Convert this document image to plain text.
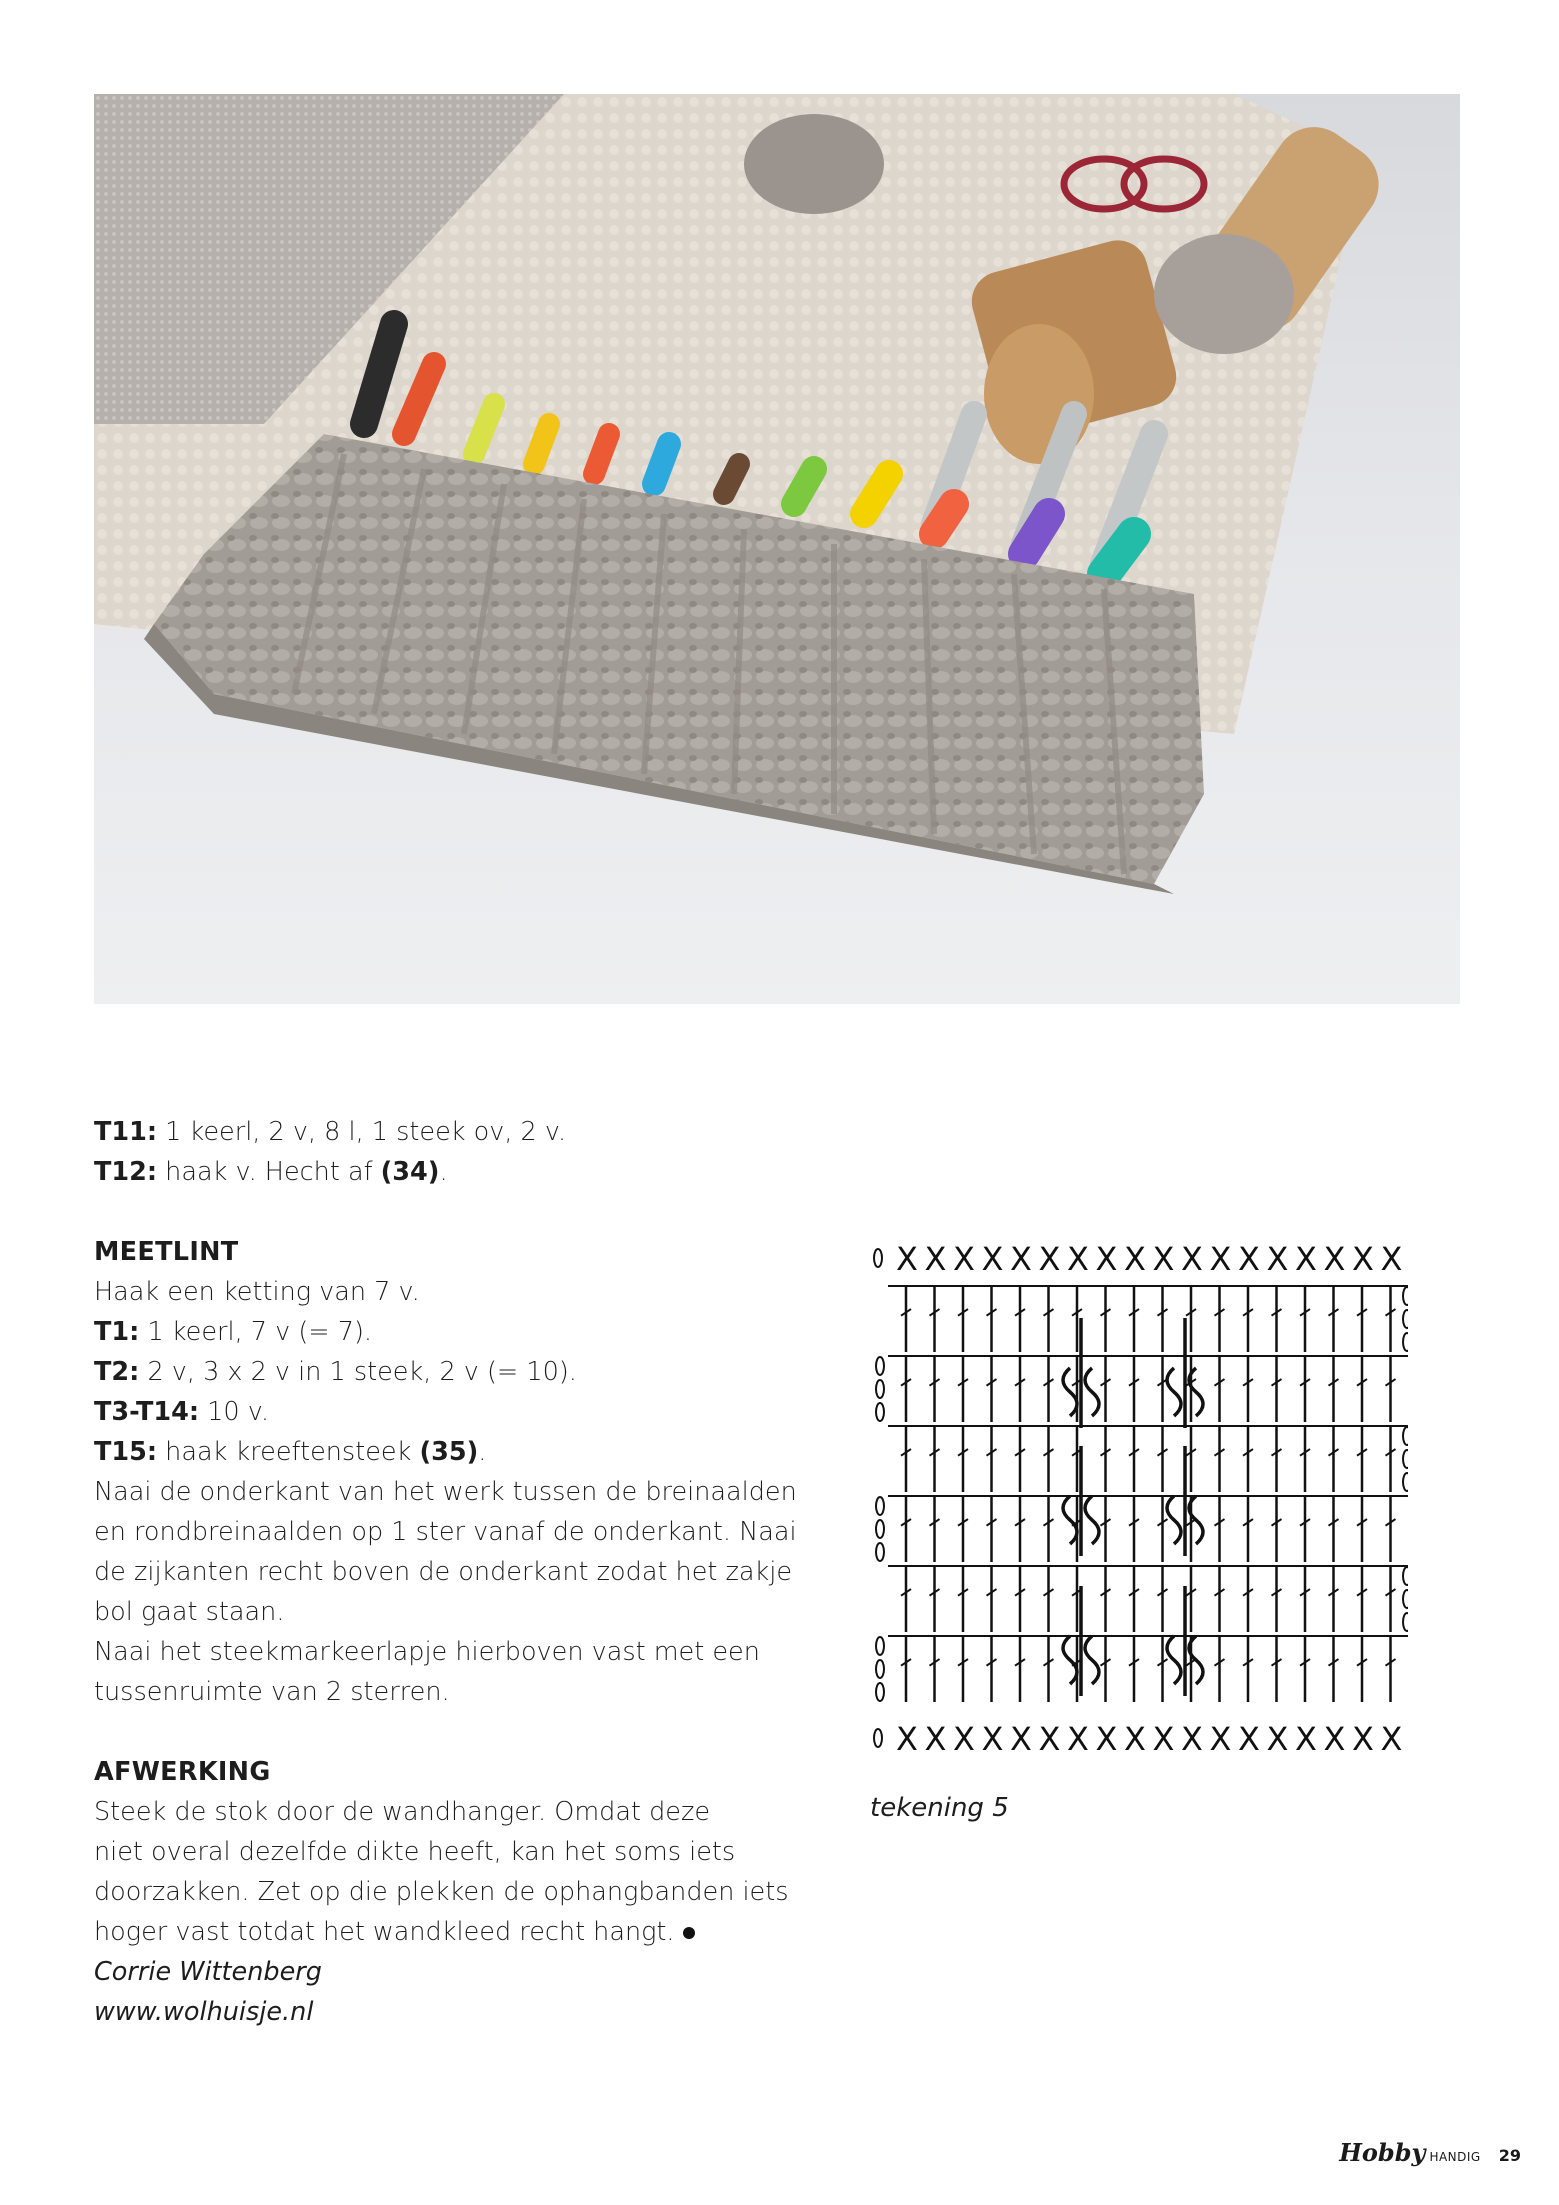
T11: 1 keerl, 2 v, 8 l, 1 steek ov, 2 v.

T12: haak v. Hecht af (34).

MEETLINT

Haak een ketting van 7 v.

T1: 1 keerl, 7 v (= 7).

T2: 2 v, 3 x 2 v in 1 steek, 2 v (= 10).

T3-T14: 10 v.

T15: haak kreeftensteek (35).

Naai de onderkant van het werk tussen de breinaalden

en rondbreinaalden op 1 ster vanaf de onderkant. Naai

de zijkanten recht boven de onderkant zodat het zakje

bol gaat staan.

Naai het steekmarkeerlapje hierboven vast met een

tussenruimte van 2 sterren.

AFWERKING

Steek de stok door de wandhanger. Omdat deze

niet overal dezelfde dikte heeft, kan het soms iets

doorzakken. Zet op die plekken de ophangbanden iets

hoger vast totdat het wandkleed recht hangt.

Corrie Wittenberg

www.wolhuisje.nl

X X X X X X X X X X X X X X X X X X
X X X X X X X X X X X X X X X X X X
tekening 5
Hobby HANDIG 29
